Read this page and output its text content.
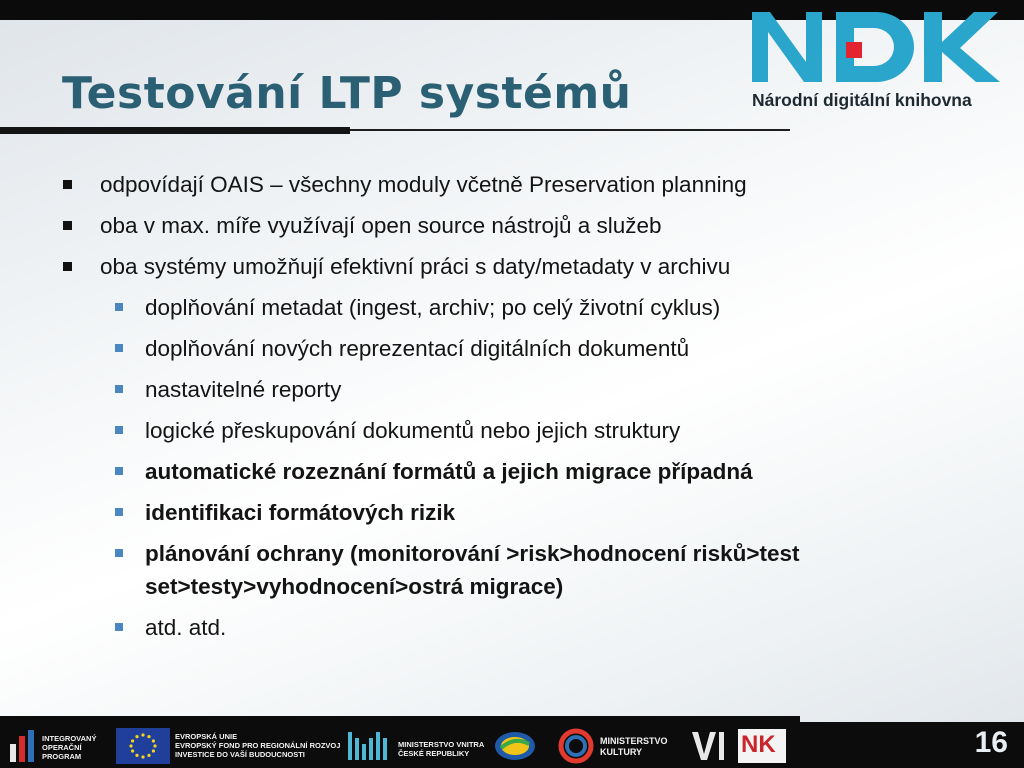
Národní digitální knihovna
Testování LTP systémů
odpovídají OAIS – všechny moduly včetně Preservation planning
oba v max. míře využívají open source nástrojů a služeb
oba systémy umožňují efektivní práci s daty/metadaty v archivu
doplňování metadat (ingest, archiv; po celý životní cyklus)
doplňování nových reprezentací digitálních dokumentů
nastavitelné reporty
logické přeskupování dokumentů nebo jejich struktury
automatické rozeznání formátů a jejich migrace případná
identifikaci formátových rizik
plánování ochrany (monitorování >risk>hodnocení risků>test
set>testy>vyhodnocení>ostrá migrace)
atd. atd.
INTEGROVANÝ
OPERAČNÍ
PROGRAM
EVROPSKÁ UNIE
EVROPSKÝ FOND PRO REGIONÁLNÍ ROZVOJ
INVESTICE DO VAŠÍ BUDOUCNOSTI
MINISTERSTVO VNITRA
ČESKÉ REPUBLIKY
MINISTERSTVO
KULTURY	NK	16
